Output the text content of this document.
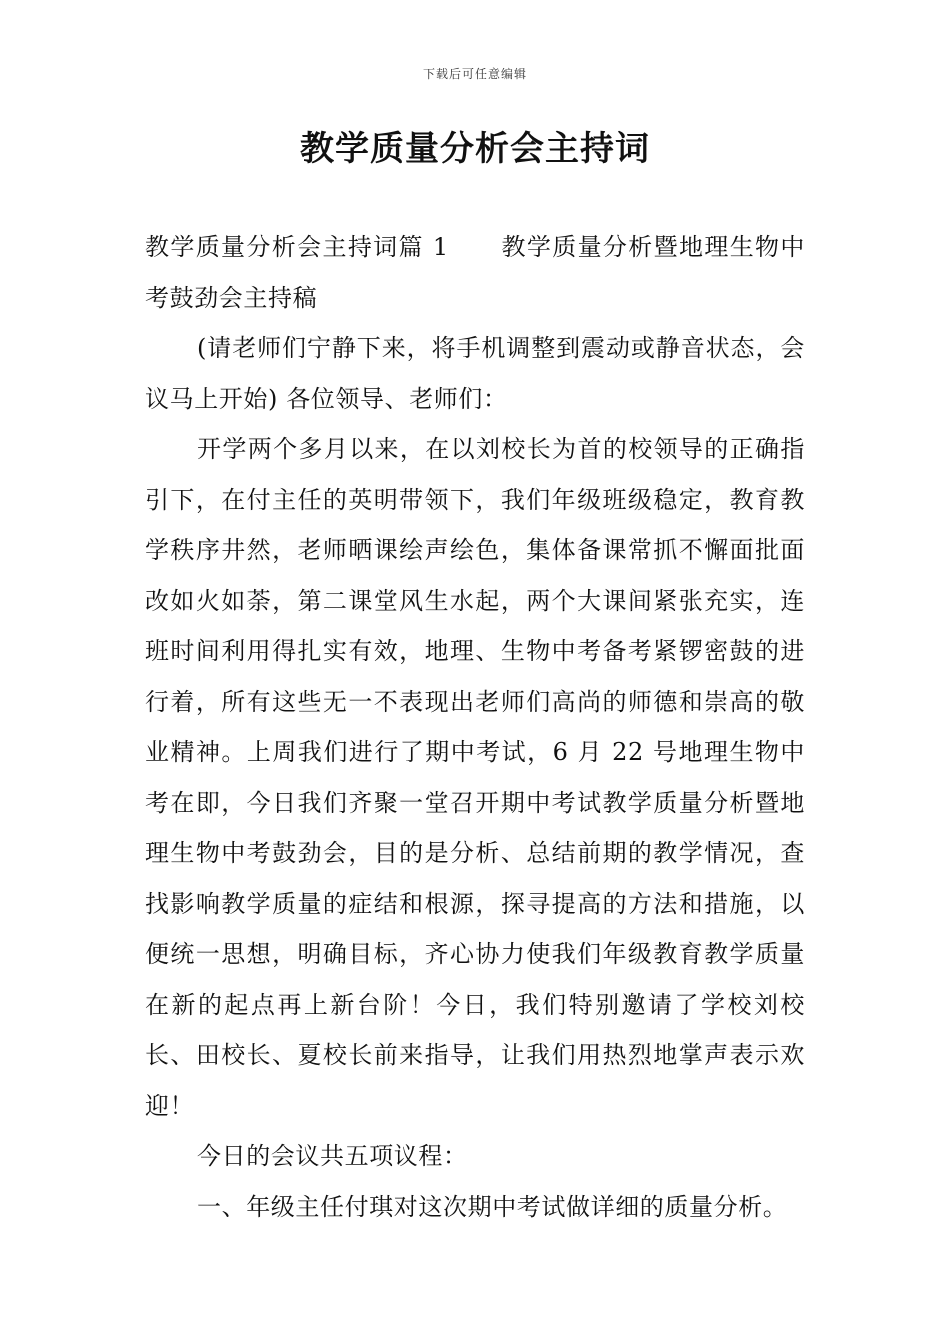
下载后可任意编辑
教学质量分析会主持词

教学质量分析会主持词篇 1 教学质量分析暨地理生物中考鼓劲会主持稿

(请老师们宁静下来，将手机调整到震动或静音状态，会议马上开始) 各位领导、老师们：

开学两个多月以来，在以刘校长为首的校领导的正确指引下，在付主任的英明带领下，我们年级班级稳定，教育教学秩序井然，老师晒课绘声绘色，集体备课常抓不懈面批面改如火如荼，第二课堂风生水起，两个大课间紧张充实，连班时间利用得扎实有效，地理、生物中考备考紧锣密鼓的进行着，所有这些无一不表现出老师们高尚的师德和崇高的敬业精神。上周我们进行了期中考试，6 月 22 号地理生物中考在即，今日我们齐聚一堂召开期中考试教学质量分析暨地理生物中考鼓劲会，目的是分析、总结前期的教学情况，查找影响教学质量的症结和根源，探寻提高的方法和措施，以便统一思想，明确目标，齐心协力使我们年级教育教学质量在新的起点再上新台阶！今日，我们特别邀请了学校刘校长、田校长、夏校长前来指导，让我们用热烈地掌声表示欢迎！

今日的会议共五项议程：

一、年级主任付琪对这次期中考试做详细的质量分析。
